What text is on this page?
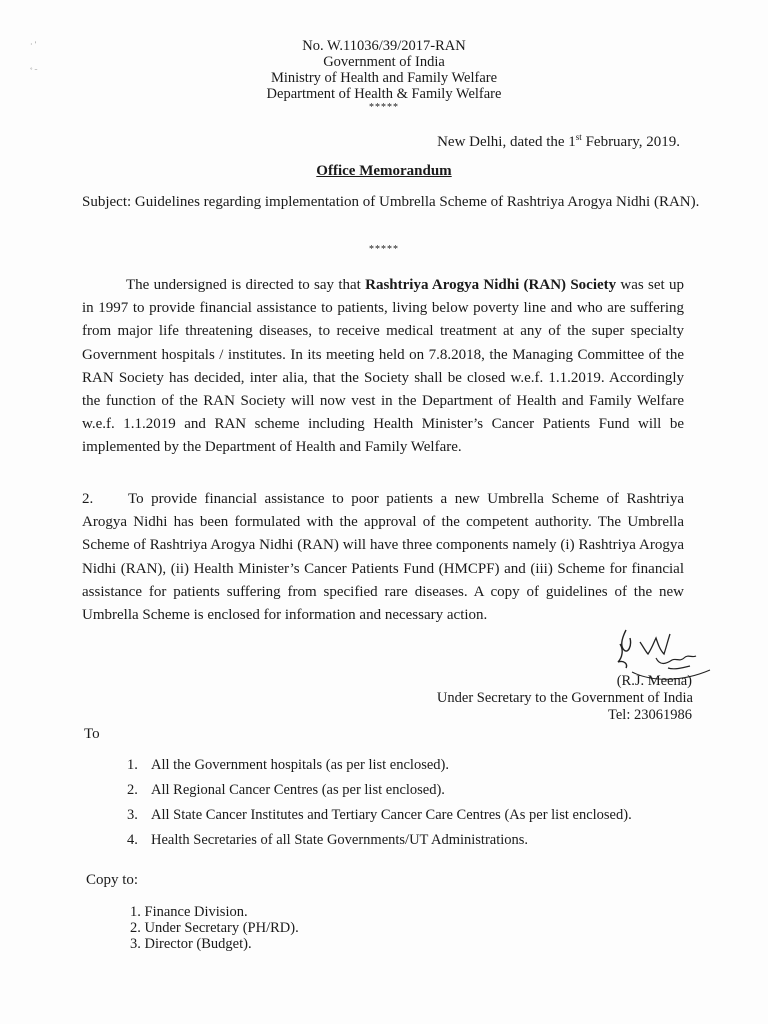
· ′

˚ ˉ
No. W.11036/39/2017-RAN
Government of India
Ministry of Health and Family Welfare
Department of Health & Family Welfare
*****
New Delhi, dated the 1st February, 2019.
Office Memorandum
Subject: Guidelines regarding implementation of Umbrella Scheme of Rashtriya Arogya Nidhi (RAN).
*****
The undersigned is directed to say that Rashtriya Arogya Nidhi (RAN) Society was set up in 1997 to provide financial assistance to patients, living below poverty line and who are suffering from major life threatening diseases, to receive medical treatment at any of the super specialty Government hospitals / institutes. In its meeting held on 7.8.2018, the Managing Committee of the RAN Society has decided, inter alia, that the Society shall be closed w.e.f. 1.1.2019. Accordingly the function of the RAN Society will now vest in the Department of Health and Family Welfare w.e.f. 1.1.2019 and RAN scheme including Health Minister’s Cancer Patients Fund will be implemented by the Department of Health and Family Welfare.
2. To provide financial assistance to poor patients a new Umbrella Scheme of Rashtriya Arogya Nidhi has been formulated with the approval of the competent authority. The Umbrella Scheme of Rashtriya Arogya Nidhi (RAN) will have three components namely (i) Rashtriya Arogya Nidhi (RAN), (ii) Health Minister’s Cancer Patients Fund (HMCPF) and (iii) Scheme for financial assistance for patients suffering from specified rare diseases. A copy of guidelines of the new Umbrella Scheme is enclosed for information and necessary action.
(R.J. Meena)
Under Secretary to the Government of India
Tel: 23061986
To
1. All the Government hospitals (as per list enclosed).
2. All Regional Cancer Centres (as per list enclosed).
3. All State Cancer Institutes and Tertiary Cancer Care Centres (As per list enclosed).
4. Health Secretaries of all State Governments/UT Administrations.
Copy to:
1. Finance Division.
2. Under Secretary (PH/RD).
3. Director (Budget).
